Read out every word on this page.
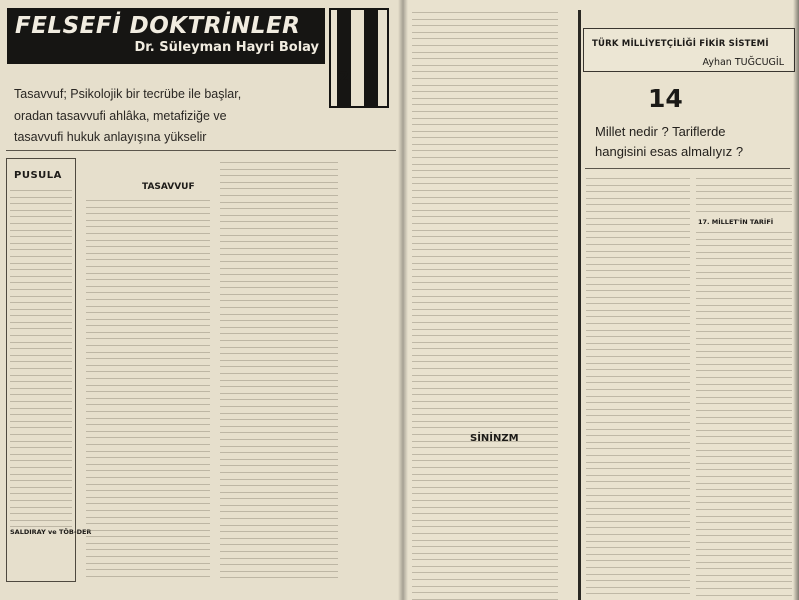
FELSEFİ DOKTRİNLER
Dr. Süleyman Hayri Bolay
2 4
Tasavvuf; Psikolojik bir tecrübe ile başlar,
oradan tasavvufi ahlâka, metafiziğe ve
tasavvufi hukuk anlayışına yükselir
PUSULA
SALDIRAY ve TÖB-DER
TASAVVUF
SİNİNZM
TÜRK MİLLİYETÇİLİĞİ FİKİR SİSTEMİ
Ayhan TUĞCUGİL
14
Millet nedir ? Tariflerde
hangisini esas almalıyız ?
17. MİLLET'İN TARİFİ
